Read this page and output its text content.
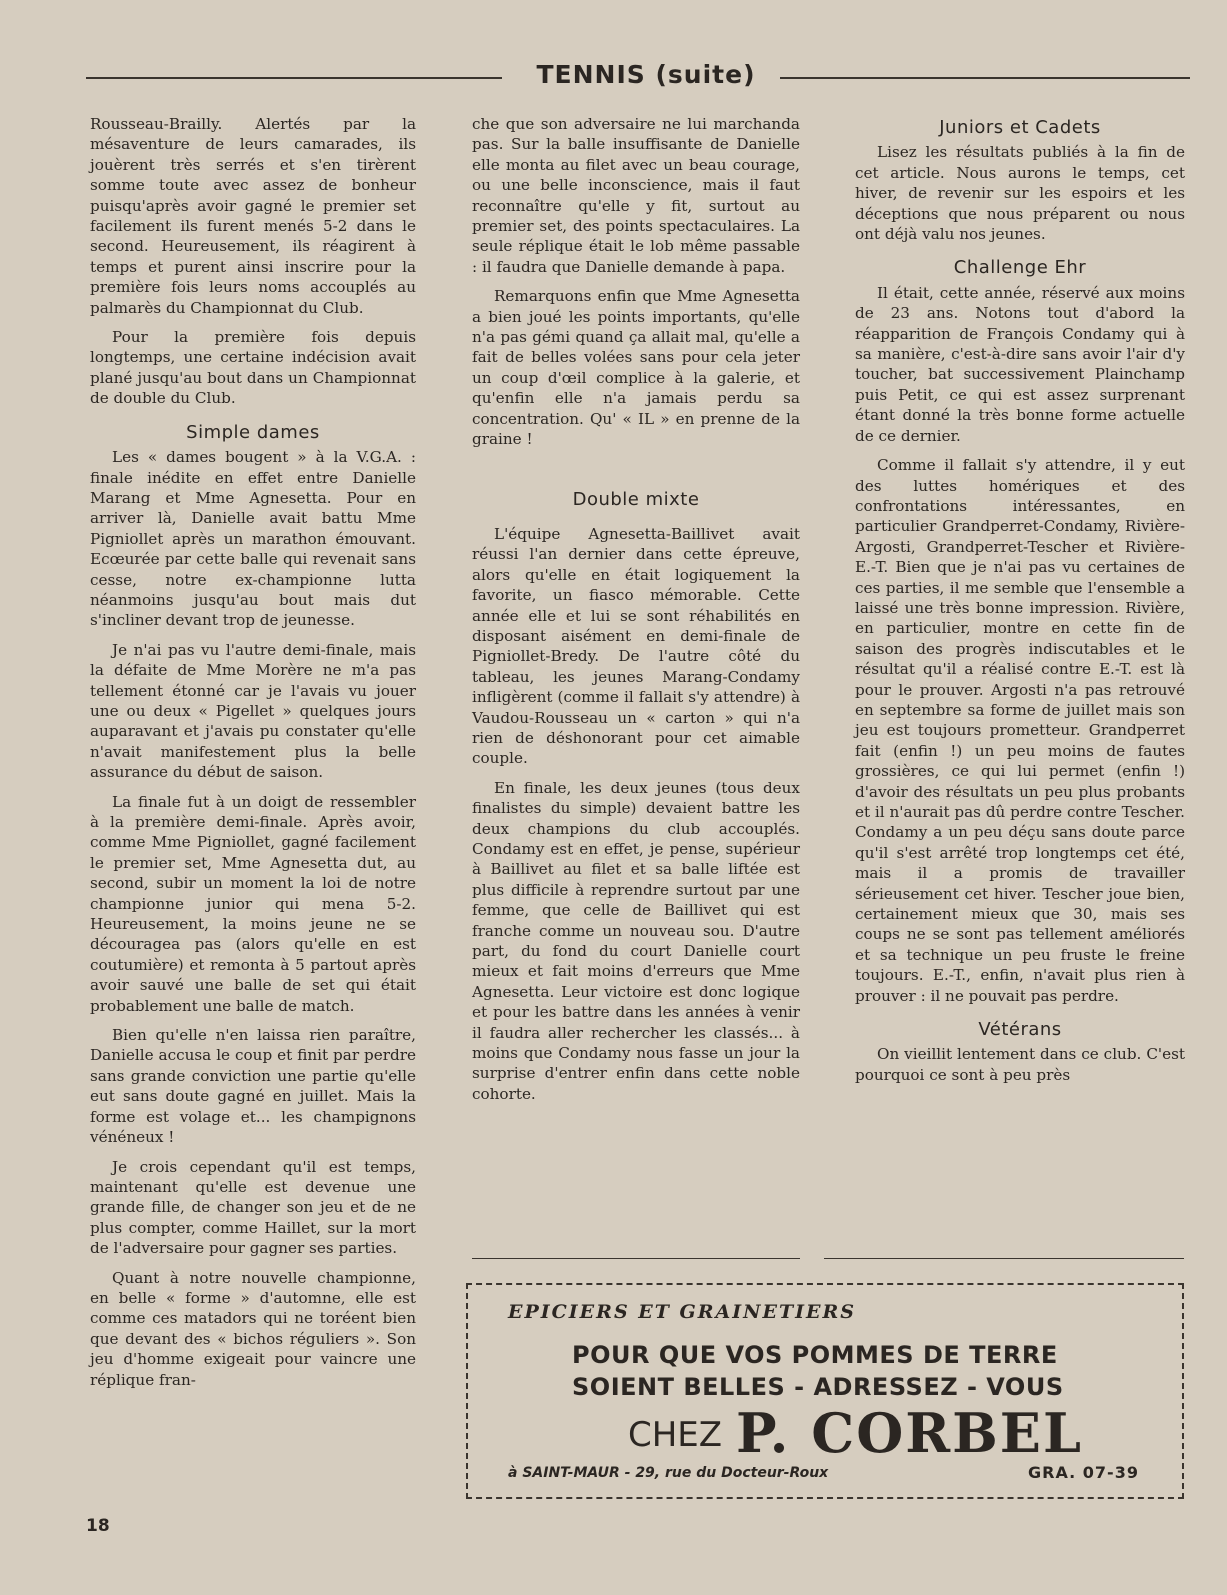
TENNIS (suite)

Rousseau-Brailly. Alertés par la mésaventure de leurs camarades, ils jouèrent très serrés et s'en tirèrent somme toute avec assez de bonheur puisqu'après avoir gagné le premier set facilement ils furent menés 5-2 dans le second. Heureusement, ils réagirent à temps et purent ainsi inscrire pour la première fois leurs noms accouplés au palmarès du Championnat du Club.

Pour la première fois depuis longtemps, une certaine indécision avait plané jusqu'au bout dans un Championnat de double du Club.

Simple dames

Les « dames bougent » à la V.G.A. : finale inédite en effet entre Danielle Marang et Mme Agnesetta. Pour en arriver là, Danielle avait battu Mme Pigniollet après un marathon émouvant. Ecœurée par cette balle qui revenait sans cesse, notre ex-championne lutta néanmoins jusqu'au bout mais dut s'incliner devant trop de jeunesse.

Je n'ai pas vu l'autre demi-finale, mais la défaite de Mme Morère ne m'a pas tellement étonné car je l'avais vu jouer une ou deux « Pigellet » quelques jours auparavant et j'avais pu constater qu'elle n'avait manifestement plus la belle assurance du début de saison.

La finale fut à un doigt de ressembler à la première demi-finale. Après avoir, comme Mme Pigniollet, gagné facilement le premier set, Mme Agnesetta dut, au second, subir un moment la loi de notre championne junior qui mena 5-2. Heureusement, la moins jeune ne se découragea pas (alors qu'elle en est coutumière) et remonta à 5 partout après avoir sauvé une balle de set qui était probablement une balle de match.

Bien qu'elle n'en laissa rien paraître, Danielle accusa le coup et finit par perdre sans grande conviction une partie qu'elle eut sans doute gagné en juillet. Mais la forme est volage et... les champignons vénéneux !

Je crois cependant qu'il est temps, maintenant qu'elle est devenue une grande fille, de changer son jeu et de ne plus compter, comme Haillet, sur la mort de l'adversaire pour gagner ses parties.

Quant à notre nouvelle championne, en belle « forme » d'automne, elle est comme ces matadors qui ne toréent bien que devant des « bichos réguliers ». Son jeu d'homme exigeait pour vaincre une réplique fran-

che que son adversaire ne lui marchanda pas. Sur la balle insuffisante de Danielle elle monta au filet avec un beau courage, ou une belle inconscience, mais il faut reconnaître qu'elle y fit, surtout au premier set, des points spectaculaires. La seule réplique était le lob même passable : il faudra que Danielle demande à papa.

Remarquons enfin que Mme Agnesetta a bien joué les points importants, qu'elle n'a pas gémi quand ça allait mal, qu'elle a fait de belles volées sans pour cela jeter un coup d'œil complice à la galerie, et qu'enfin elle n'a jamais perdu sa concentration. Qu' « IL » en prenne de la graine !

Double mixte

L'équipe Agnesetta-Baillivet avait réussi l'an dernier dans cette épreuve, alors qu'elle en était logiquement la favorite, un fiasco mémorable. Cette année elle et lui se sont réhabilités en disposant aisément en demi-finale de Pigniollet-Bredy. De l'autre côté du tableau, les jeunes Marang-Condamy infligèrent (comme il fallait s'y attendre) à Vaudou-Rousseau un « carton » qui n'a rien de déshonorant pour cet aimable couple.

En finale, les deux jeunes (tous deux finalistes du simple) devaient battre les deux champions du club accouplés. Condamy est en effet, je pense, supérieur à Baillivet au filet et sa balle liftée est plus difficile à reprendre surtout par une femme, que celle de Baillivet qui est franche comme un nouveau sou. D'autre part, du fond du court Danielle court mieux et fait moins d'erreurs que Mme Agnesetta. Leur victoire est donc logique et pour les battre dans les années à venir il faudra aller rechercher les classés... à moins que Condamy nous fasse un jour la surprise d'entrer enfin dans cette noble cohorte.

Juniors et Cadets

Lisez les résultats publiés à la fin de cet article. Nous aurons le temps, cet hiver, de revenir sur les espoirs et les déceptions que nous préparent ou nous ont déjà valu nos jeunes.

Challenge Ehr

Il était, cette année, réservé aux moins de 23 ans. Notons tout d'abord la réapparition de François Condamy qui à sa manière, c'est-à-dire sans avoir l'air d'y toucher, bat successivement Plainchamp puis Petit, ce qui est assez surprenant étant donné la très bonne forme actuelle de ce dernier.

Comme il fallait s'y attendre, il y eut des luttes homériques et des confrontations intéressantes, en particulier Grandperret-Condamy, Rivière-Argosti, Grandperret-Tescher et Rivière-E.-T. Bien que je n'ai pas vu certaines de ces parties, il me semble que l'ensemble a laissé une très bonne impression. Rivière, en particulier, montre en cette fin de saison des progrès indiscutables et le résultat qu'il a réalisé contre E.-T. est là pour le prouver. Argosti n'a pas retrouvé en septembre sa forme de juillet mais son jeu est toujours prometteur. Grandperret fait (enfin !) un peu moins de fautes grossières, ce qui lui permet (enfin !) d'avoir des résultats un peu plus probants et il n'aurait pas dû perdre contre Tescher. Condamy a un peu déçu sans doute parce qu'il s'est arrêté trop longtemps cet été, mais il a promis de travailler sérieusement cet hiver. Tescher joue bien, certainement mieux que 30, mais ses coups ne se sont pas tellement améliorés et sa technique un peu fruste le freine toujours. E.-T., enfin, n'avait plus rien à prouver : il ne pouvait pas perdre.

Vétérans

On vieillit lentement dans ce club. C'est pourquoi ce sont à peu près

EPICIERS ET GRAINETIERS
POUR QUE VOS POMMES DE TERRE
SOIENT BELLES - ADRESSEZ - VOUS
CHEZ P. CORBEL
à SAINT-MAUR - 29, rue du Docteur-Roux	GRA. 07-39
18
